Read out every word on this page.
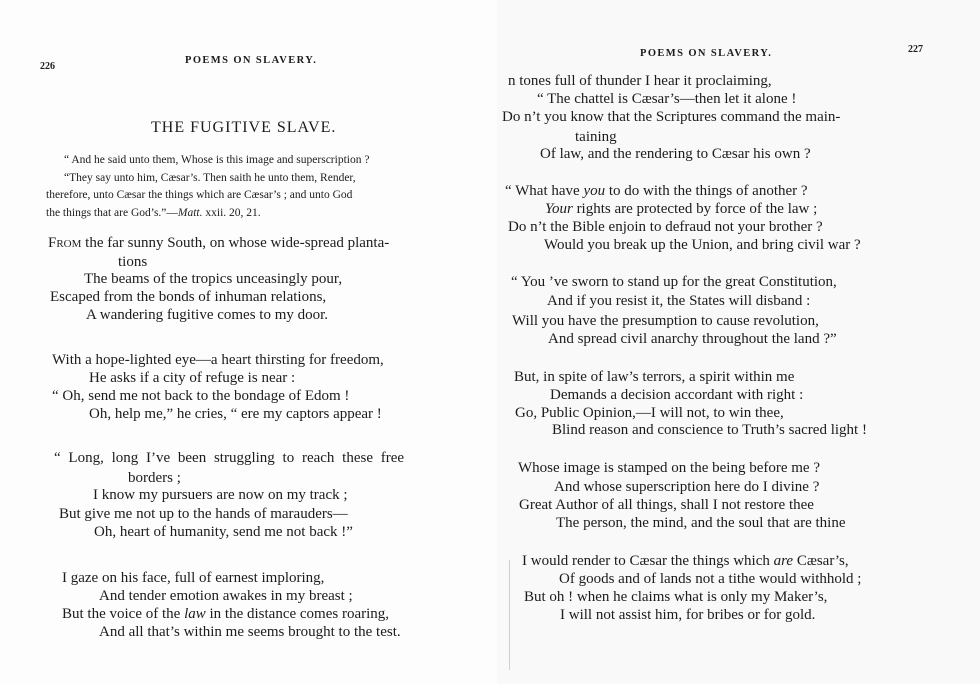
226
POEMS ON SLAVERY.
THE FUGITIVE SLAVE.
“ And he said unto them, Whose is this image and superscription ?
“They say unto him, Cæsar’s. Then saith he unto them, Render,
therefore, unto Cæsar the things which are Cæsar’s ; and unto God
the things that are God’s.”—Matt. xxii. 20, 21.
From the far sunny South, on whose wide-spread planta-
tions
The beams of the tropics unceasingly pour,
Escaped from the bonds of inhuman relations,
A wandering fugitive comes to my door.
With a hope-lighted eye—a heart thirsting for freedom,
He asks if a city of refuge is near :
“ Oh, send me not back to the bondage of Edom !
Oh, help me,” he cries, “ ere my captors appear !
“ Long, long I’ve been struggling to reach these free
borders ;
I know my pursuers are now on my track ;
But give me not up to the hands of marauders—
Oh, heart of humanity, send me not back !”
I gaze on his face, full of earnest imploring,
And tender emotion awakes in my breast ;
But the voice of the law in the distance comes roaring,
And all that’s within me seems brought to the test.
POEMS ON SLAVERY.	227
n tones full of thunder I hear it proclaiming,
“ The chattel is Cæsar’s—then let it alone !
Do n’t you know that the Scriptures command the main-
taining
Of law, and the rendering to Cæsar his own ?
“ What have you to do with the things of another ?
Your rights are protected by force of the law ;
Do n’t the Bible enjoin to defraud not your brother ?
Would you break up the Union, and bring civil war ?
“ You ’ve sworn to stand up for the great Constitution,
And if you resist it, the States will disband :
Will you have the presumption to cause revolution,
And spread civil anarchy throughout the land ?”
But, in spite of law’s terrors, a spirit within me
Demands a decision accordant with right :
Go, Public Opinion,—I will not, to win thee,
Blind reason and conscience to Truth’s sacred light !
Whose image is stamped on the being before me ?
And whose superscription here do I divine ?
Great Author of all things, shall I not restore thee
The person, the mind, and the soul that are thine
I would render to Cæsar the things which are Cæsar’s,
Of goods and of lands not a tithe would withhold ;
But oh ! when he claims what is only my Maker’s,
I will not assist him, for bribes or for gold.
